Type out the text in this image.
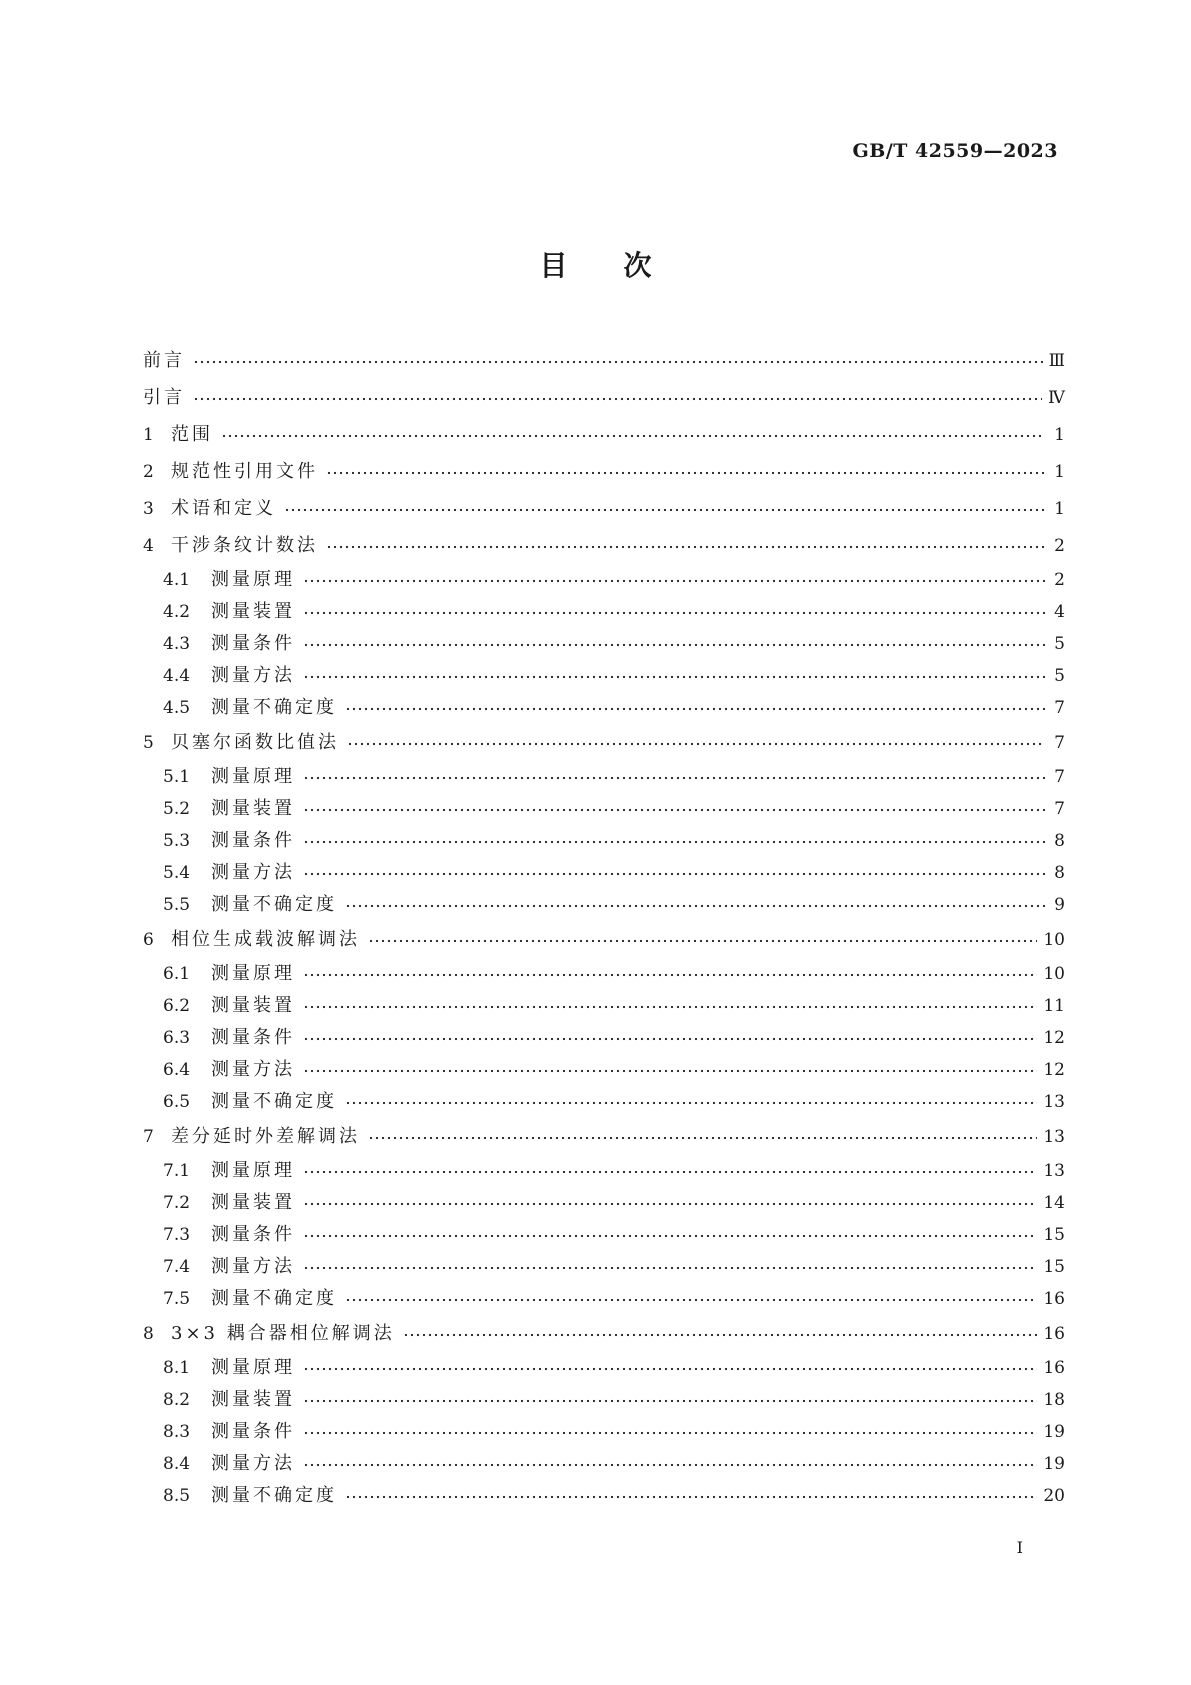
GB/T 42559—2023
目　　次
前言	Ⅲ
引言	Ⅳ
1 范围	1
2 规范性引用文件	1
3 术语和定义	1
4 干涉条纹计数法	2
4.1	测量原理	2
4.2	测量装置	4
4.3	测量条件	5
4.4	测量方法	5
4.5	测量不确定度	7
5 贝塞尔函数比值法	7
5.1	测量原理	7
5.2	测量装置	7
5.3	测量条件	8
5.4	测量方法	8
5.5	测量不确定度	9
6 相位生成载波解调法	10
6.1	测量原理	10
6.2	测量装置	11
6.3	测量条件	12
6.4	测量方法	12
6.5	测量不确定度	13
7 差分延时外差解调法	13
7.1	测量原理	13
7.2	测量装置	14
7.3	测量条件	15
7.4	测量方法	15
7.5	测量不确定度	16
8 3×3 耦合器相位解调法	16
8.1	测量原理	16
8.2	测量装置	18
8.3	测量条件	19
8.4	测量方法	19
8.5	测量不确定度	20
Ⅰ
